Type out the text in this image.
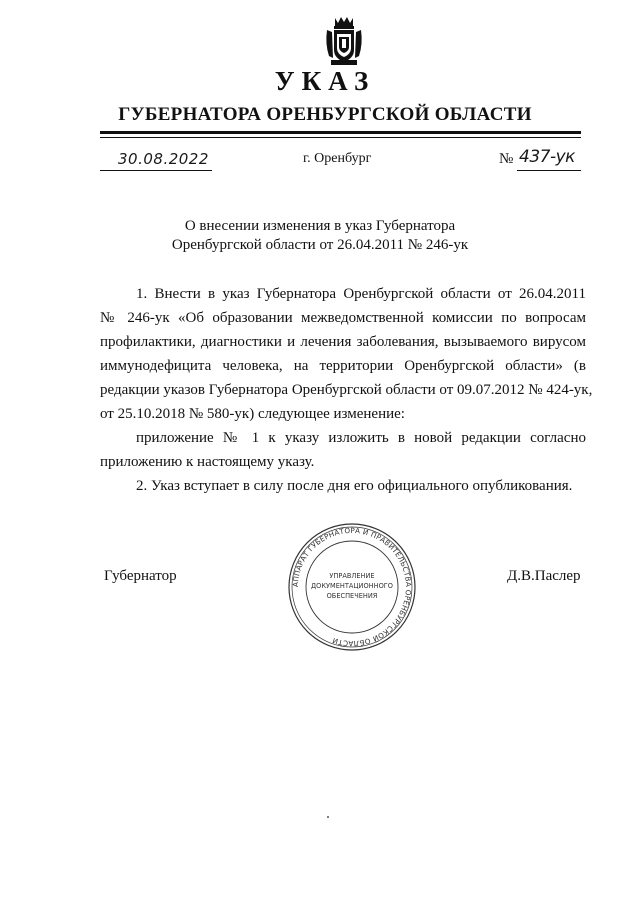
УКАЗ
ГУБЕРНАТОРА ОРЕНБУРГСКОЙ ОБЛАСТИ
30.08.2022	г. Оренбург	№ 437-ук
О внесении изменения в указ Губернатора
Оренбургской области от 26.04.2011 № 246-ук
1. Внести в указ Губернатора Оренбургской области от 26.04.2011
№ 246-ук «Об образовании межведомственной комиссии по вопросам
профилактики, диагностики и лечения заболевания, вызываемого вирусом
иммунодефицита человека, на территории Оренбургской области» (в
редакции указов Губернатора Оренбургской области от 09.07.2012 № 424-ук,
от 25.10.2018 № 580-ук) следующее изменение:
приложение № 1 к указу изложить в новой редакции согласно
приложению к настоящему указу.
2. Указ вступает в силу после дня его официального опубликования.
Губернатор	Д.В.Паслер
АППАРАТ ГУБЕРНАТОРА И ПРАВИТЕЛЬСТВА ОРЕНБУРГСКОЙ ОБЛАСТИ
УПРАВЛЕНИЕ
ДОКУМЕНТАЦИОННОГО
ОБЕСПЕЧЕНИЯ
